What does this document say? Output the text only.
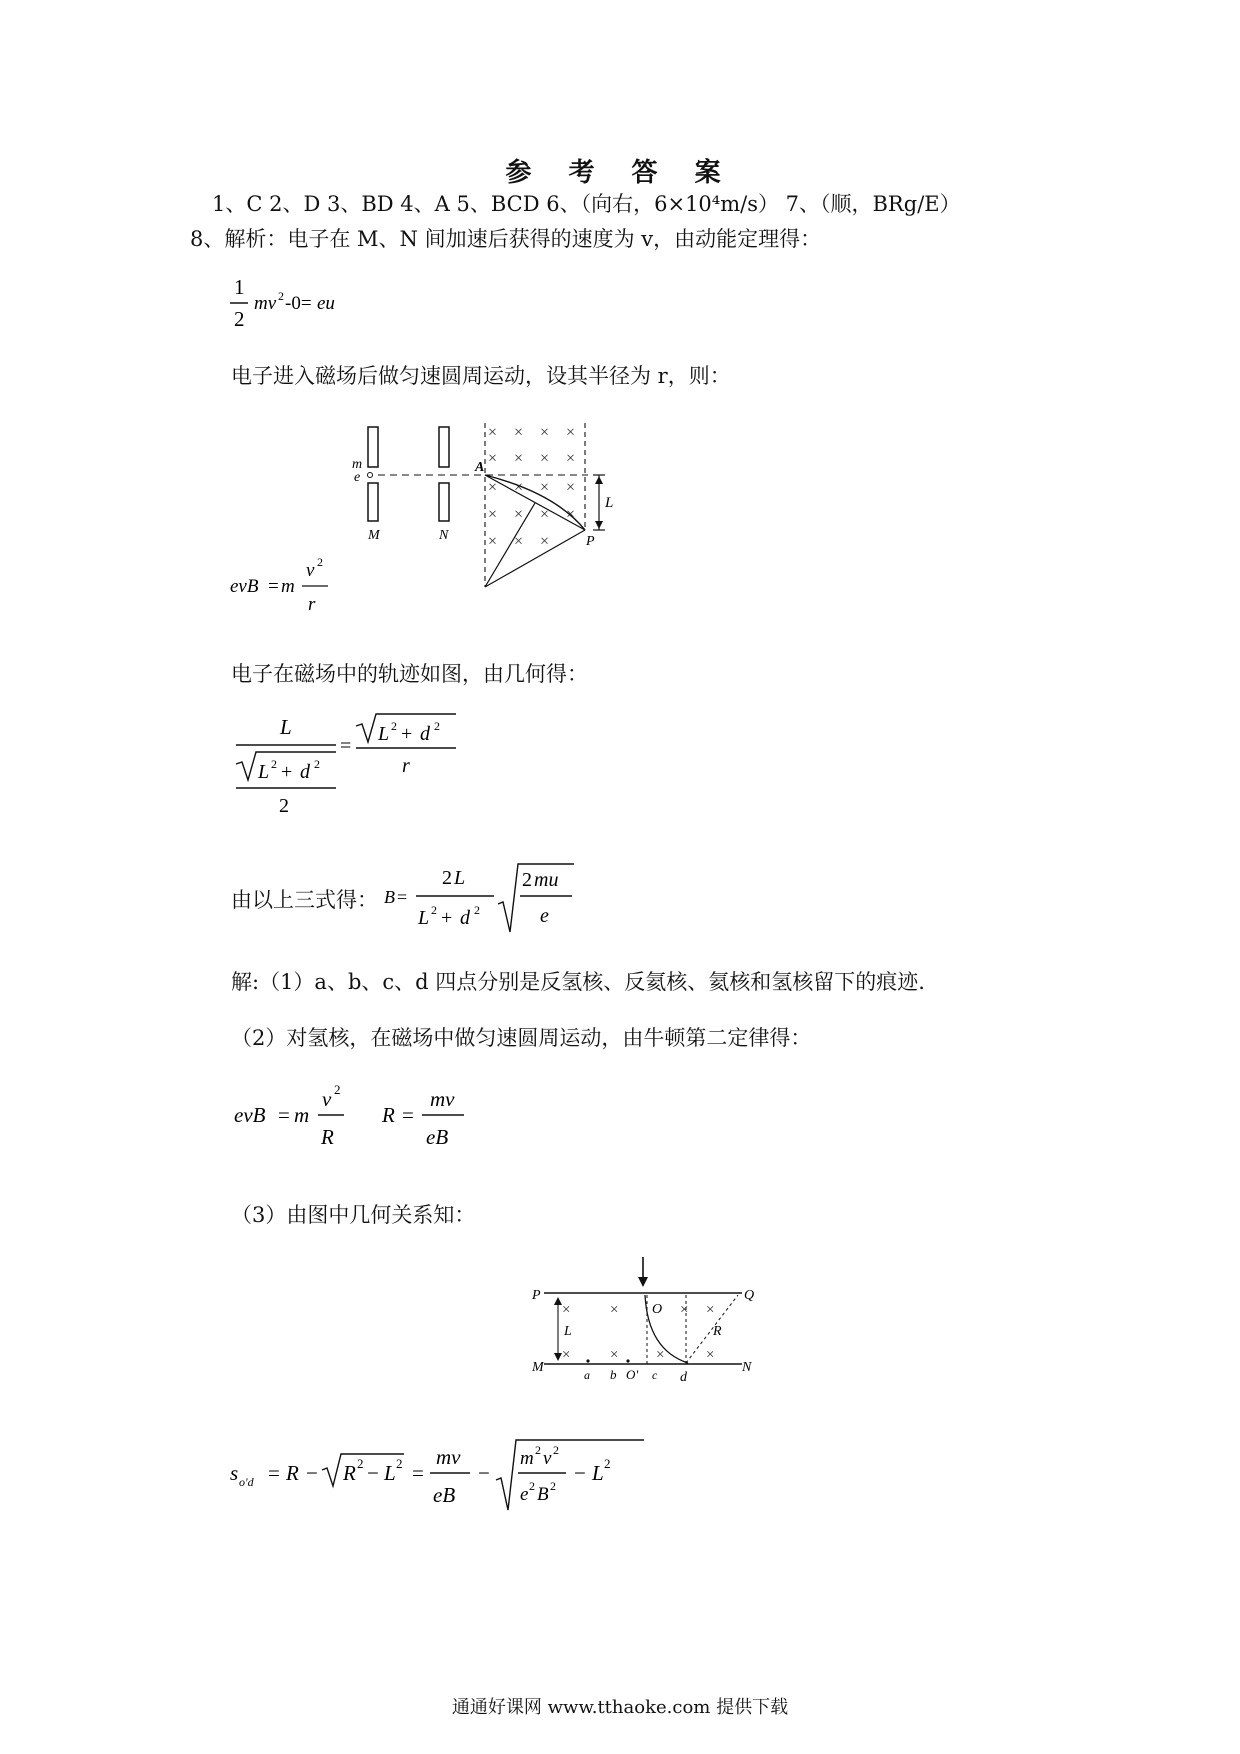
参 考 答 案
1、C 2、D 3、BD 4、A 5、BCD 6、（向右，6×10⁴m/s） 7、（顺，BRg/E）
8、解析：电子在 M、N 间加速后获得的速度为 v，由动能定理得：
1
2
mv 2 -0= eu
电子进入磁场后做匀速圆周运动，设其半径为 r，则：
× × × ×
× × × ×
× × × ×
× × × ×
× × ×
L
m
e
M	N
A
P
evB = m
v 2
r
电子在磁场中的轨迹如图，由几何得：
L
L 2 + d 2
2
=
L 2 + d 2
r
由以上三式得： B =
2 L
L 2 + d 2
2 mu
e
解:（1）a、b、c、d 四点分别是反氢核、反氦核、氦核和氢核留下的痕迹.
（2）对氢核，在磁场中做匀速圆周运动，由牛顿第二定律得：
evB = m
v 2
R
R =
mv
eB
（3）由图中几何关系知：
×	×	× ×
×	×	×	×
P	Q
M	N
L	R
O
a b O' c d
s o'd = R − R 2 − L 2 =
mv
eB
−
m 2 v 2
e 2 B 2
− L 2
通通好课网 www.tthaoke.com 提供下载
